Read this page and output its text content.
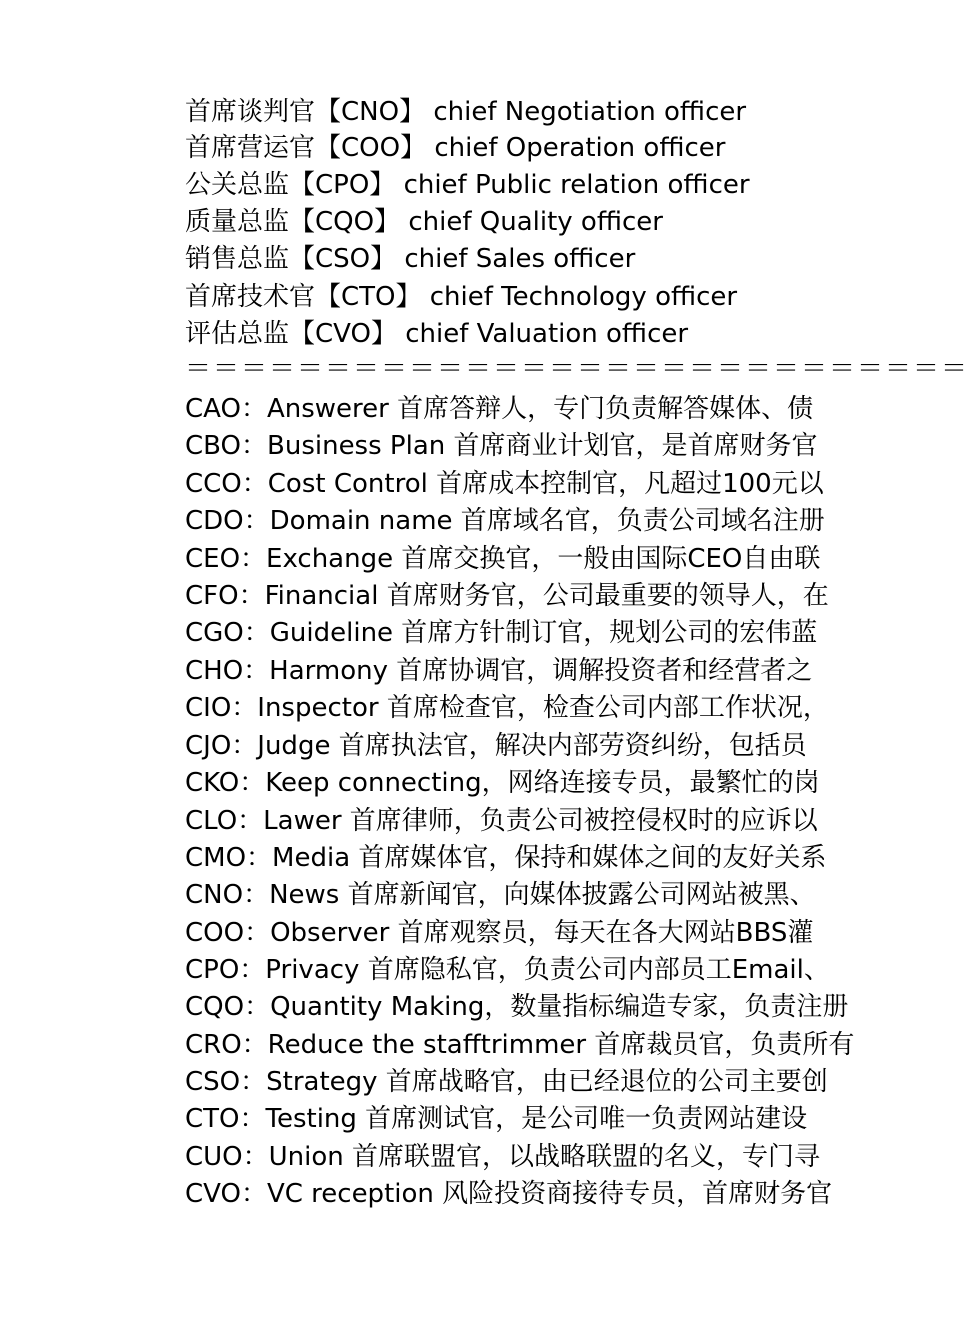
首席谈判官【CNO】 chief Negotiation officer
首席营运官【COO】 chief Operation officer
公关总监【CPO】 chief Public relation officer
质量总监【CQO】 chief Quality officer
销售总监【CSO】 chief Sales officer
首席技术官【CTO】 chief Technology officer
评估总监【CVO】 chief Valuation officer
＝＝＝＝＝＝＝＝＝＝＝＝＝＝＝＝＝＝＝＝＝＝＝＝＝＝＝＝
CAO：Answerer 首席答辩人，专门负责解答媒体、债
CBO：Business Plan 首席商业计划官，是首席财务官
CCO：Cost Control 首席成本控制官，凡超过100元以
CDO：Domain name 首席域名官，负责公司域名注册
CEO：Exchange 首席交换官，一般由国际CEO自由联
CFO：Financial 首席财务官，公司最重要的领导人，在
CGO：Guideline 首席方针制订官，规划公司的宏伟蓝
CHO：Harmony 首席协调官，调解投资者和经营者之
CIO：Inspector 首席检查官，检查公司内部工作状况，
CJO：Judge 首席执法官，解决内部劳资纠纷，包括员
CKO：Keep connecting，网络连接专员，最繁忙的岗
CLO：Lawer 首席律师，负责公司被控侵权时的应诉以
CMO：Media 首席媒体官，保持和媒体之间的友好关系
CNO：News 首席新闻官，向媒体披露公司网站被黑、
COO：Observer 首席观察员，每天在各大网站BBS灌
CPO：Privacy 首席隐私官，负责公司内部员工Email、
CQO：Quantity Making，数量指标编造专家，负责注册
CRO：Reduce the stafftrimmer 首席裁员官，负责所有
CSO：Strategy 首席战略官，由已经退位的公司主要创
CTO：Testing 首席测试官，是公司唯一负责网站建设
CUO：Union 首席联盟官，以战略联盟的名义，专门寻
CVO：VC reception 风险投资商接待专员，首席财务官
